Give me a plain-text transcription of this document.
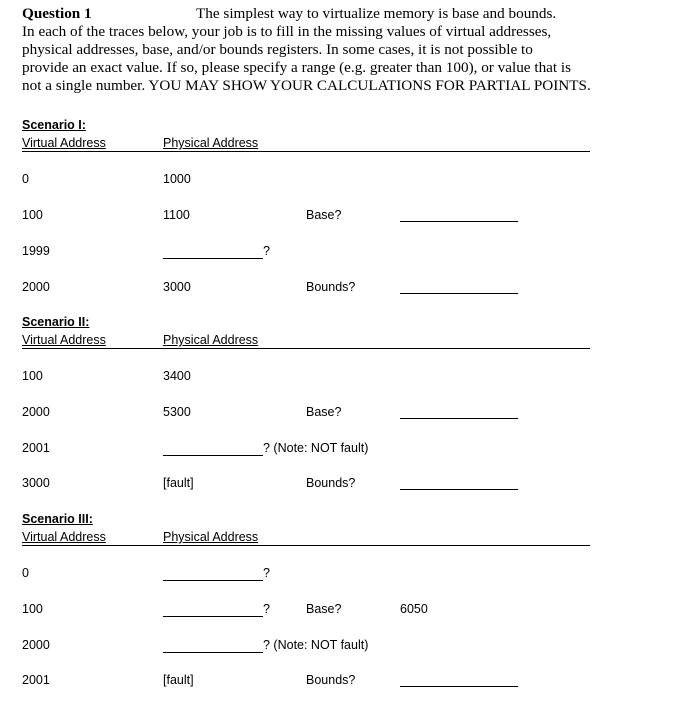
Question 1	The simplest way to virtualize memory is base and bounds.
In each of the traces below, your job is to fill in the missing values of virtual addresses,
physical addresses, base, and/or bounds registers. In some cases, it is not possible to
provide an exact value. If so, please specify a range (e.g. greater than 100), or value that is
not a single number. YOU MAY SHOW YOUR CALCULATIONS FOR PARTIAL POINTS.
Scenario I:
Virtual Address	Physical Address
0	1000
100	1100	Base?
1999	?
2000	3000	Bounds?
Scenario II:
Virtual Address	Physical Address
100	3400
2000	5300	Base?
2001	? (Note: NOT fault)
3000	[fault]	Bounds?
Scenario III:
Virtual Address	Physical Address
0	?
100	?	Base?	6050
2000	? (Note: NOT fault)
2001	[fault]	Bounds?
